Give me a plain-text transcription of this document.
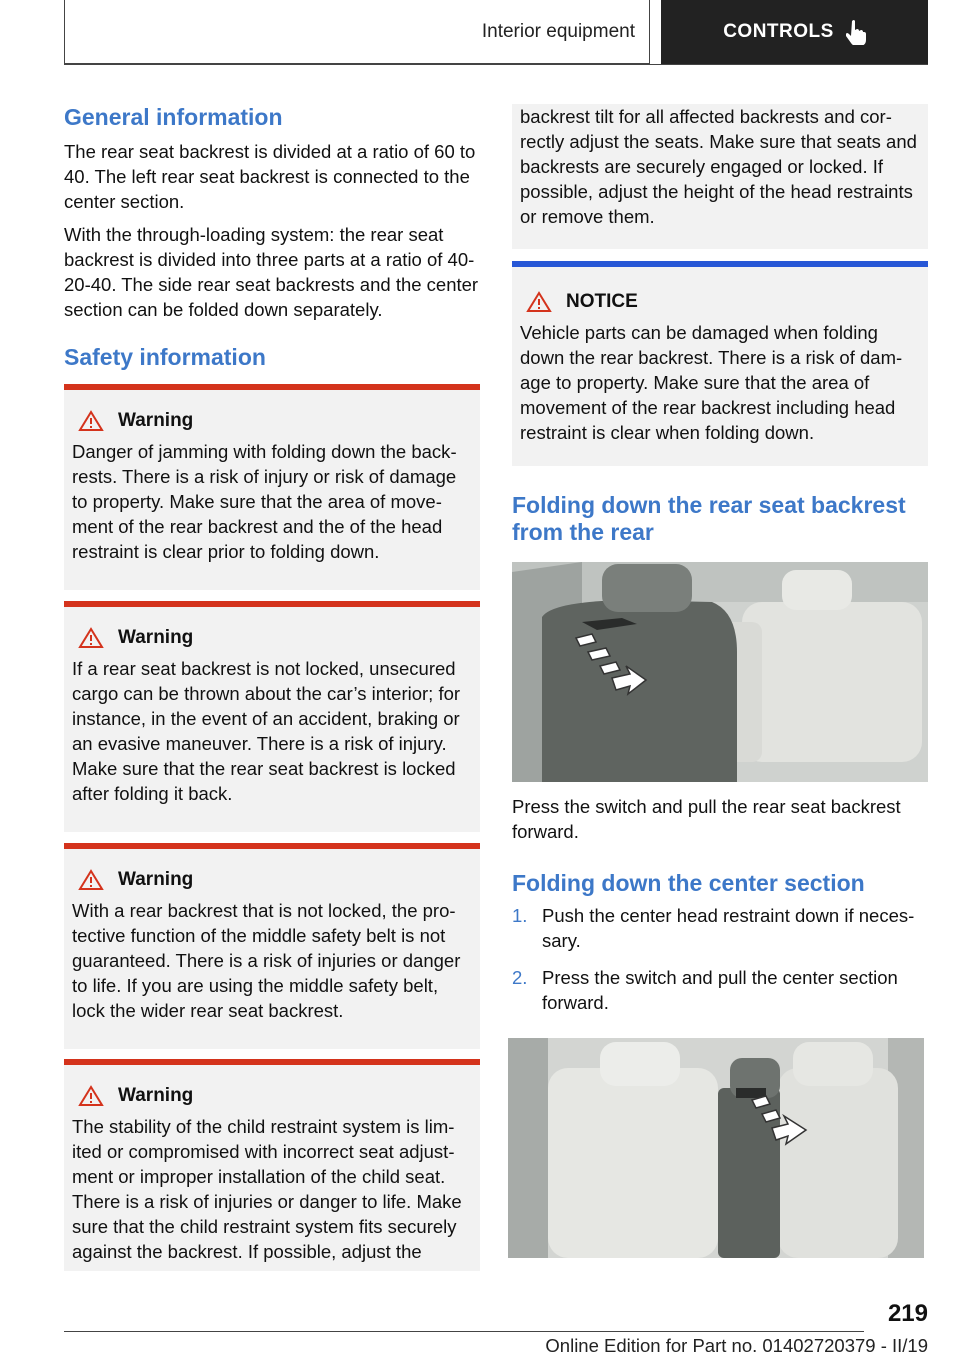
Interior equipment	CONTROLS
General information

The rear seat backrest is divided at a ratio of 60 to 40. The left rear seat backrest is connected to the center section.

With the through-loading system: the rear seat backrest is divided into three parts at a ratio of 40-20-40. The side rear seat backrests and the center section can be folded down separately.

Safety information
Warning

Danger of jamming with folding down the backrests. There is a risk of injury or risk of damage to property. Make sure that the area of movement of the rear backrest and the of the head restraint is clear prior to folding down.

Warning

If a rear seat backrest is not locked, unsecured cargo can be thrown about the car’s interior; for instance, in the event of an accident, braking or an evasive maneuver. There is a risk of injury. Make sure that the rear seat backrest is locked after folding it back.

Warning

With a rear backrest that is not locked, the protective function of the middle safety belt is not guaranteed. There is a risk of injuries or danger to life. If you are using the middle safety belt, lock the wider rear seat backrest.

Warning

The stability of the child restraint system is limited or compromised with incorrect seat adjustment or improper installation of the child seat. There is a risk of injuries or danger to life. Make sure that the child restraint system fits securely against the backrest. If possible, adjust the

backrest tilt for all affected backrests and correctly adjust the seats. Make sure that seats and backrests are securely engaged or locked. If possible, adjust the height of the head restraints or remove them.

NOTICE

Vehicle parts can be damaged when folding down the rear backrest. There is a risk of damage to property. Make sure that the area of movement of the rear backrest including head restraint is clear when folding down.

Folding down the rear seat backrest from the rear

Press the switch and pull the rear seat backrest forward.

Folding down the center section
1. Push the center head restraint down if necessary.
2. Press the switch and pull the center section forward.
219
Online Edition for Part no. 01402720379 - II/19
